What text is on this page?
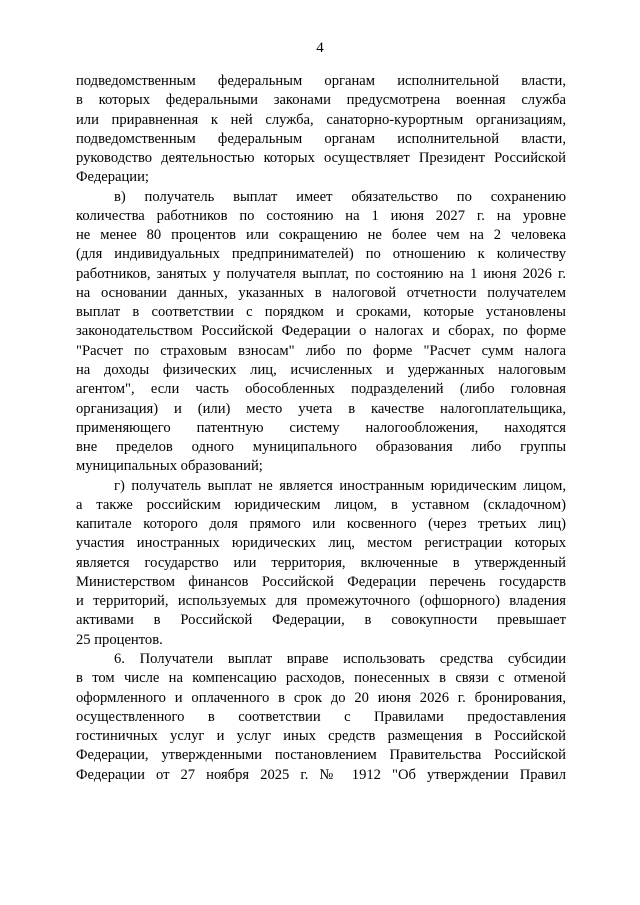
4
подведомственным федеральным органам исполнительной власти,
в которых федеральными законами предусмотрена военная служба
или приравненная к ней служба, санаторно-курортным организациям,
подведомственным федеральным органам исполнительной власти,
руководство деятельностью которых осуществляет Президент Российской
Федерации;
в) получатель выплат имеет обязательство по сохранению
количества работников по состоянию на 1 июня 2027 г. на уровне
не менее 80 процентов или сокращению не более чем на 2 человека
(для индивидуальных предпринимателей) по отношению к количеству
работников, занятых у получателя выплат, по состоянию на 1 июня 2026 г.
на основании данных, указанных в налоговой отчетности получателем
выплат в соответствии с порядком и сроками, которые установлены
законодательством Российской Федерации о налогах и сборах, по форме
"Расчет по страховым взносам" либо по форме "Расчет сумм налога
на доходы физических лиц, исчисленных и удержанных налоговым
агентом", если часть обособленных подразделений (либо головная
организация) и (или) место учета в качестве налогоплательщика,
применяющего патентную систему налогообложения, находятся
вне пределов одного муниципального образования либо группы
муниципальных образований;
г) получатель выплат не является иностранным юридическим лицом,
а также российским юридическим лицом, в уставном (складочном)
капитале которого доля прямого или косвенного (через третьих лиц)
участия иностранных юридических лиц, местом регистрации которых
является государство или территория, включенные в утвержденный
Министерством финансов Российской Федерации перечень государств
и территорий, используемых для промежуточного (офшорного) владения
активами в Российской Федерации, в совокупности превышает
25 процентов.
6. Получатели выплат вправе использовать средства субсидии
в том числе на компенсацию расходов, понесенных в связи с отменой
оформленного и оплаченного в срок до 20 июня 2026 г. бронирования,
осуществленного в соответствии с Правилами предоставления
гостиничных услуг и услуг иных средств размещения в Российской
Федерации, утвержденными постановлением Правительства Российской
Федерации от 27 ноября 2025 г. № 1912 "Об утверждении Правил
